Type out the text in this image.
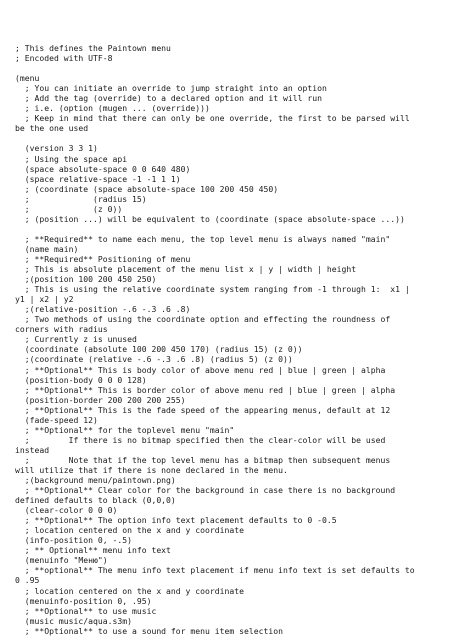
; This defines the Paintown menu
; Encoded with UTF-8
(menu
; You can initiate an override to jump straight into an option
; Add the tag (override) to a declared option and it will run
; i.e. (option (mugen ... (override)))
; Keep in mind that there can only be one override, the first to be parsed will
be the one used
(version 3 3 1)
; Using the space api
(space absolute-space 0 0 640 480)
(space relative-space -1 -1 1 1)
; (coordinate (space absolute-space 100 200 450 450)
;             (radius 15)
;             (z 0))
; (position ...) will be equivalent to (coordinate (space absolute-space ...))
; **Required** to name each menu, the top level menu is always named "main"
(name main)
; **Required** Positioning of menu
; This is absolute placement of the menu list x | y | width | height
;(position 100 200 450 250)
; This is using the relative coordinate system ranging from -1 through 1:  x1 |
y1 | x2 | y2
;(relative-position -.6 -.3 .6 .8)
; Two methods of using the coordinate option and effecting the roundness of
corners with radius
; Currently z is unused
(coordinate (absolute 100 200 450 170) (radius 15) (z 0))
;(coordinate (relative -.6 -.3 .6 .8) (radius 5) (z 0))
; **Optional** This is body color of above menu red | blue | green | alpha
(position-body 0 0 0 128)
; **Optional** This is border color of above menu red | blue | green | alpha
(position-border 200 200 200 255)
; **Optional** This is the fade speed of the appearing menus, default at 12
(fade-speed 12)
; **Optional** for the toplevel menu "main"
;        If there is no bitmap specified then the clear-color will be used
instead
;        Note that if the top level menu has a bitmap then subsequent menus
will utilize that if there is none declared in the menu.
;(background menu/paintown.png)
; **Optional** Clear color for the background in case there is no background
defined defaults to black (0,0,0)
(clear-color 0 0 0)
; **Optional** The option info text placement defaults to 0 -0.5
; location centered on the x and y coordinate
(info-position 0, -.5)
; ** Optional** menu info text
(menuinfo "Меню")
; **optional** The menu info text placement if menu info text is set defaults to
0 .95
; location centered on the x and y coordinate
(menuinfo-position 0, .95)
; **Optional** to use music
(music music/aqua.s3m)
; **Optional** to use a sound for menu item selection
